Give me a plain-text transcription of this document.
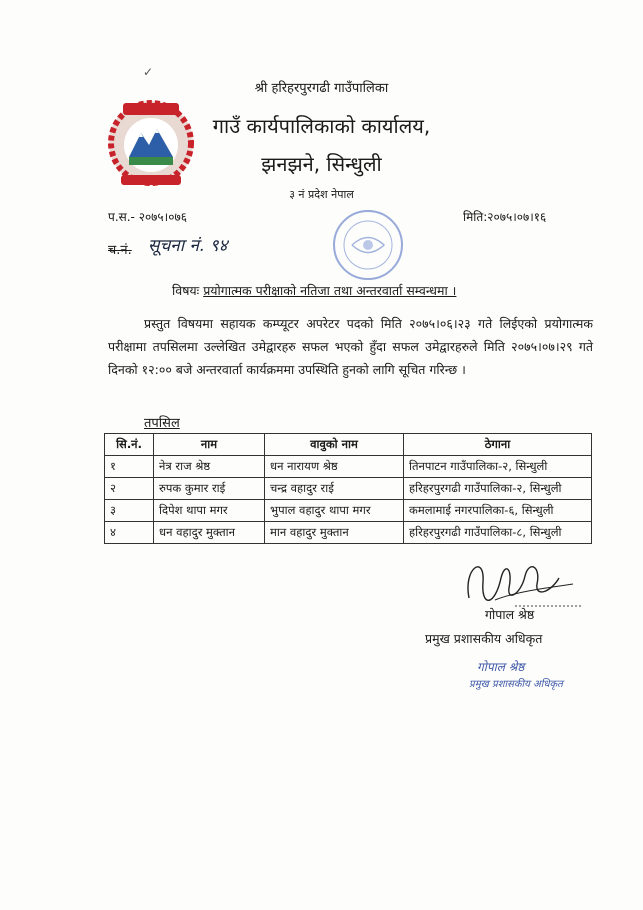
✓
श्री हरिहरपुरगढी गाउँपालिका
गाउँ कार्यपालिकाको कार्यालय,
झनझने, सिन्धुली
३ नं प्रदेश नेपाल
प.स.- २०७५।०७६	मिति:२०७५।०७।१६
च.नं. सूचना नं. ९४
विषयः प्रयोगात्मक परीक्षाको नतिजा तथा अन्तरवार्ता सम्वन्धमा ।
प्रस्तुत विषयमा सहायक कम्प्यूटर अपरेटर पदको मिति २०७५।०६।२३ गते लिईएको प्रयोगात्मक परीक्षामा तपसिलमा उल्लेखित उमेद्वारहरु सफल भएको हुँदा सफल उमेद्वारहरुले मिति २०७५।०७।२९ गते दिनको १२:०० बजे अन्तरवार्ता कार्यक्रममा उपस्थिति हुनको लागि सूचित गरिन्छ ।
तपसिल
सि.नं.	नाम	वावुको नाम	ठेगाना
१	नेत्र राज श्रेष्ठ	धन नारायण श्रेष्ठ	तिनपाटन गाउँपालिका-२, सिन्धुली
२	रुपक कुमार राई	चन्द्र वहादुर राई	हरिहरपुरगढी गाउँपालिका-२, सिन्धुली
३	दिपेश थापा मगर	भुपाल वहादुर थापा मगर	कमलामाई नगरपालिका-६, सिन्धुली
४	धन वहादुर मुक्तान	मान वहादुर मुक्तान	हरिहरपुरगढी गाउँपालिका-८, सिन्धुली
गोपाल श्रेष्ठ
प्रमुख प्रशासकीय अधिकृत
गोपाल श्रेष्ठ
प्रमुख प्रशासकीय अधिकृत
